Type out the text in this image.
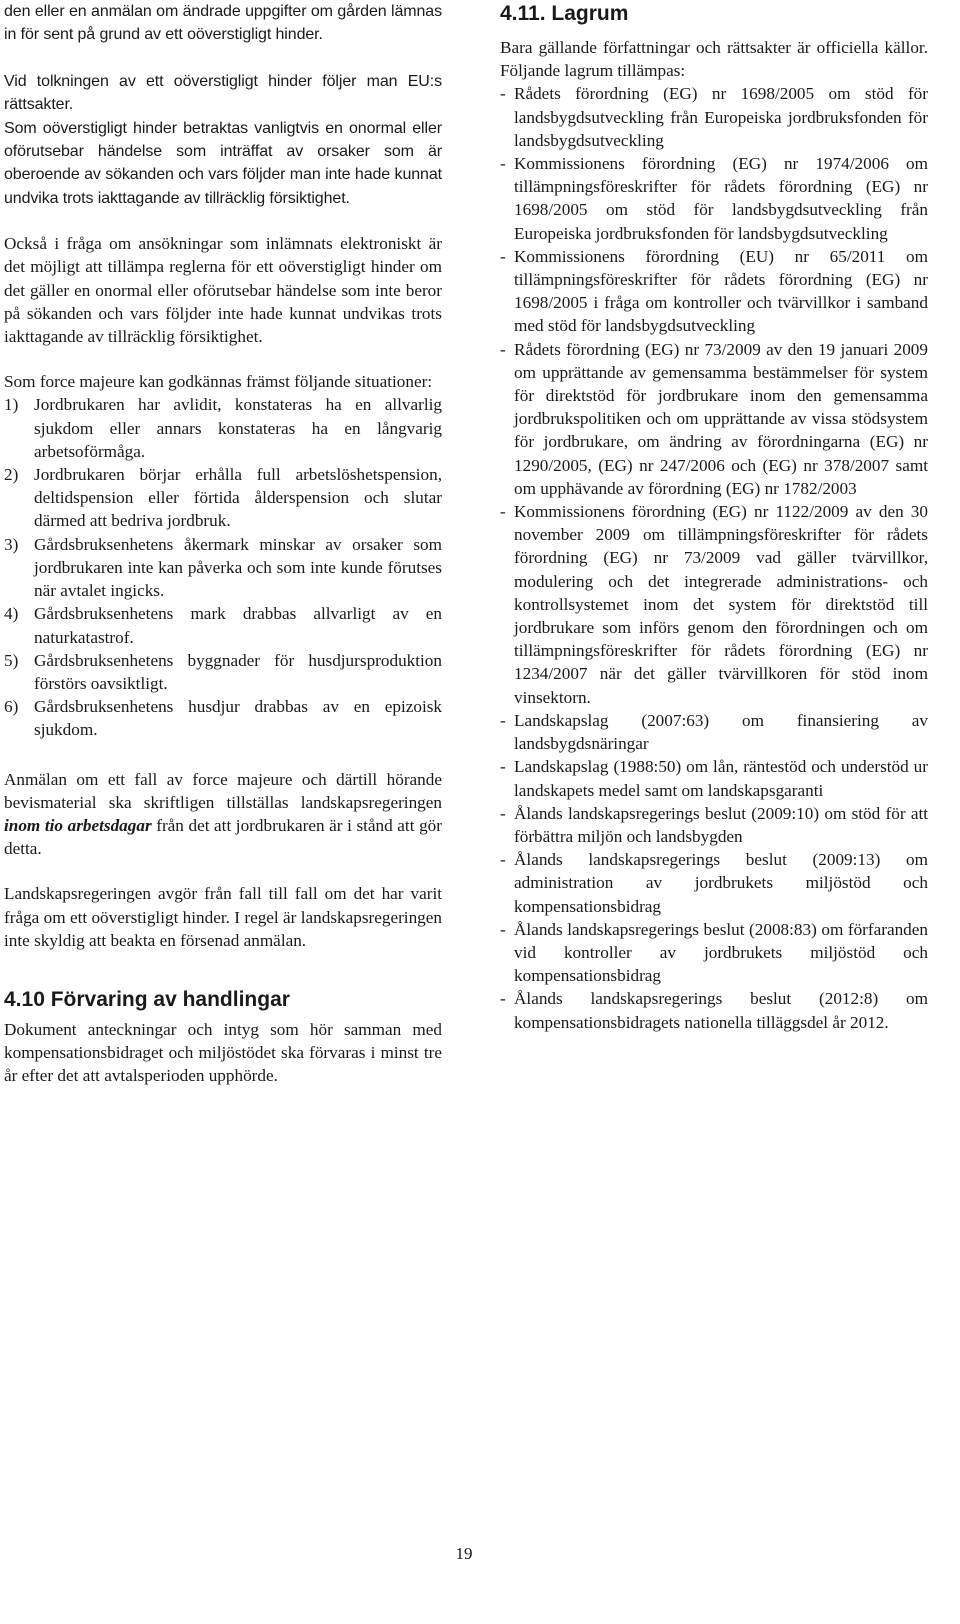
den eller en anmälan om ändrade uppgifter om gården lämnas in för sent på grund av ett oöverstigligt hinder.

Vid tolkningen av ett oöverstigligt hinder följer man EU:s rättsakter.

Som oöverstigligt hinder betraktas vanligtvis en onormal eller oförutsebar händelse som inträffat av orsaker som är oberoende av sökanden och vars följder man inte hade kunnat undvika trots iakttagande av tillräcklig försiktighet.

Också i fråga om ansökningar som inlämnats elektroniskt är det möjligt att tillämpa reglerna för ett oöverstigligt hinder om det gäller en onormal eller oförutsebar händelse som inte beror på sökanden och vars följder inte hade kunnat undvikas trots iakttagande av tillräcklig försiktighet.

Som force majeure kan godkännas främst följande situationer:

1) Jordbrukaren har avlidit, konstateras ha en allvarlig sjukdom eller annars konstateras ha en långvarig arbetsoförmåga.
2) Jordbrukaren börjar erhålla full arbetslöshetspension, deltidspension eller förtida ålderspension och slutar därmed att bedriva jordbruk.
3) Gårdsbruksenhetens åkermark minskar av orsaker som jordbrukaren inte kan påverka och som inte kunde förutses när avtalet ingicks.
4) Gårdsbruksenhetens mark drabbas allvarligt av en naturkatastrof.
5) Gårdsbruksenhetens byggnader för husdjursproduktion förstörs oavsiktligt.
6) Gårdsbruksenhetens husdjur drabbas av en epizoisk sjukdom.

Anmälan om ett fall av force majeure och därtill hörande bevismaterial ska skriftligen tillställas landskapsregeringen inom tio arbetsdagar från det att jordbrukaren är i stånd att gör detta.

Landskapsregeringen avgör från fall till fall om det har varit fråga om ett oöverstigligt hinder. I regel är landskapsregeringen inte skyldig att beakta en försenad anmälan.

4.10 Förvaring av handlingar

Dokument anteckningar och intyg som hör samman med kompensationsbidraget och miljöstödet ska förvaras i minst tre år efter det att avtalsperioden upphörde.

4.11. Lagrum

Bara gällande författningar och rättsakter är officiella källor. Följande lagrum tillämpas:

- Rådets förordning (EG) nr 1698/2005 om stöd för landsbygdsutveckling från Europeiska jordbruksfonden för landsbygdsutveckling
- Kommissionens förordning (EG) nr 1974/2006 om tillämpningsföreskrifter för rådets förordning (EG) nr 1698/2005 om stöd för landsbygdsutveckling från Europeiska jordbruksfonden för landsbygdsutveckling
- Kommissionens förordning (EU) nr 65/2011 om tillämpningsföreskrifter för rådets förordning (EG) nr 1698/2005 i fråga om kontroller och tvärvillkor i samband med stöd för landsbygdsutveckling
- Rådets förordning (EG) nr 73/2009 av den 19 januari 2009 om upprättande av gemensamma bestämmelser för system för direktstöd för jordbrukare inom den gemensamma jordbrukspolitiken och om upprättande av vissa stödsystem för jordbrukare, om ändring av förordningarna (EG) nr 1290/2005, (EG) nr 247/2006 och (EG) nr 378/2007 samt om upphävande av förordning (EG) nr 1782/2003
- Kommissionens förordning (EG) nr 1122/2009 av den 30 november 2009 om tillämpningsföreskrifter för rådets förordning (EG) nr 73/2009 vad gäller tvärvillkor, modulering och det integrerade administrations- och kontrollsystemet inom det system för direktstöd till jordbrukare som införs genom den förordningen och om tillämpningsföreskrifter för rådets förordning (EG) nr 1234/2007 när det gäller tvärvillkoren för stöd inom vinsektorn.
- Landskapslag (2007:63) om finansiering av landsbygdsnäringar
- Landskapslag (1988:50) om lån, räntestöd och understöd ur landskapets medel samt om landskapsgaranti
- Ålands landskapsregerings beslut (2009:10) om stöd för att förbättra miljön och landsbygden
- Ålands landskapsregerings beslut (2009:13) om administration av jordbrukets miljöstöd och kompensationsbidrag
- Ålands landskapsregerings beslut (2008:83) om förfaranden vid kontroller av jordbrukets miljöstöd och kompensationsbidrag
- Ålands landskapsregerings beslut (2012:8) om kompensationsbidragets nationella tilläggsdel år 2012.
19
